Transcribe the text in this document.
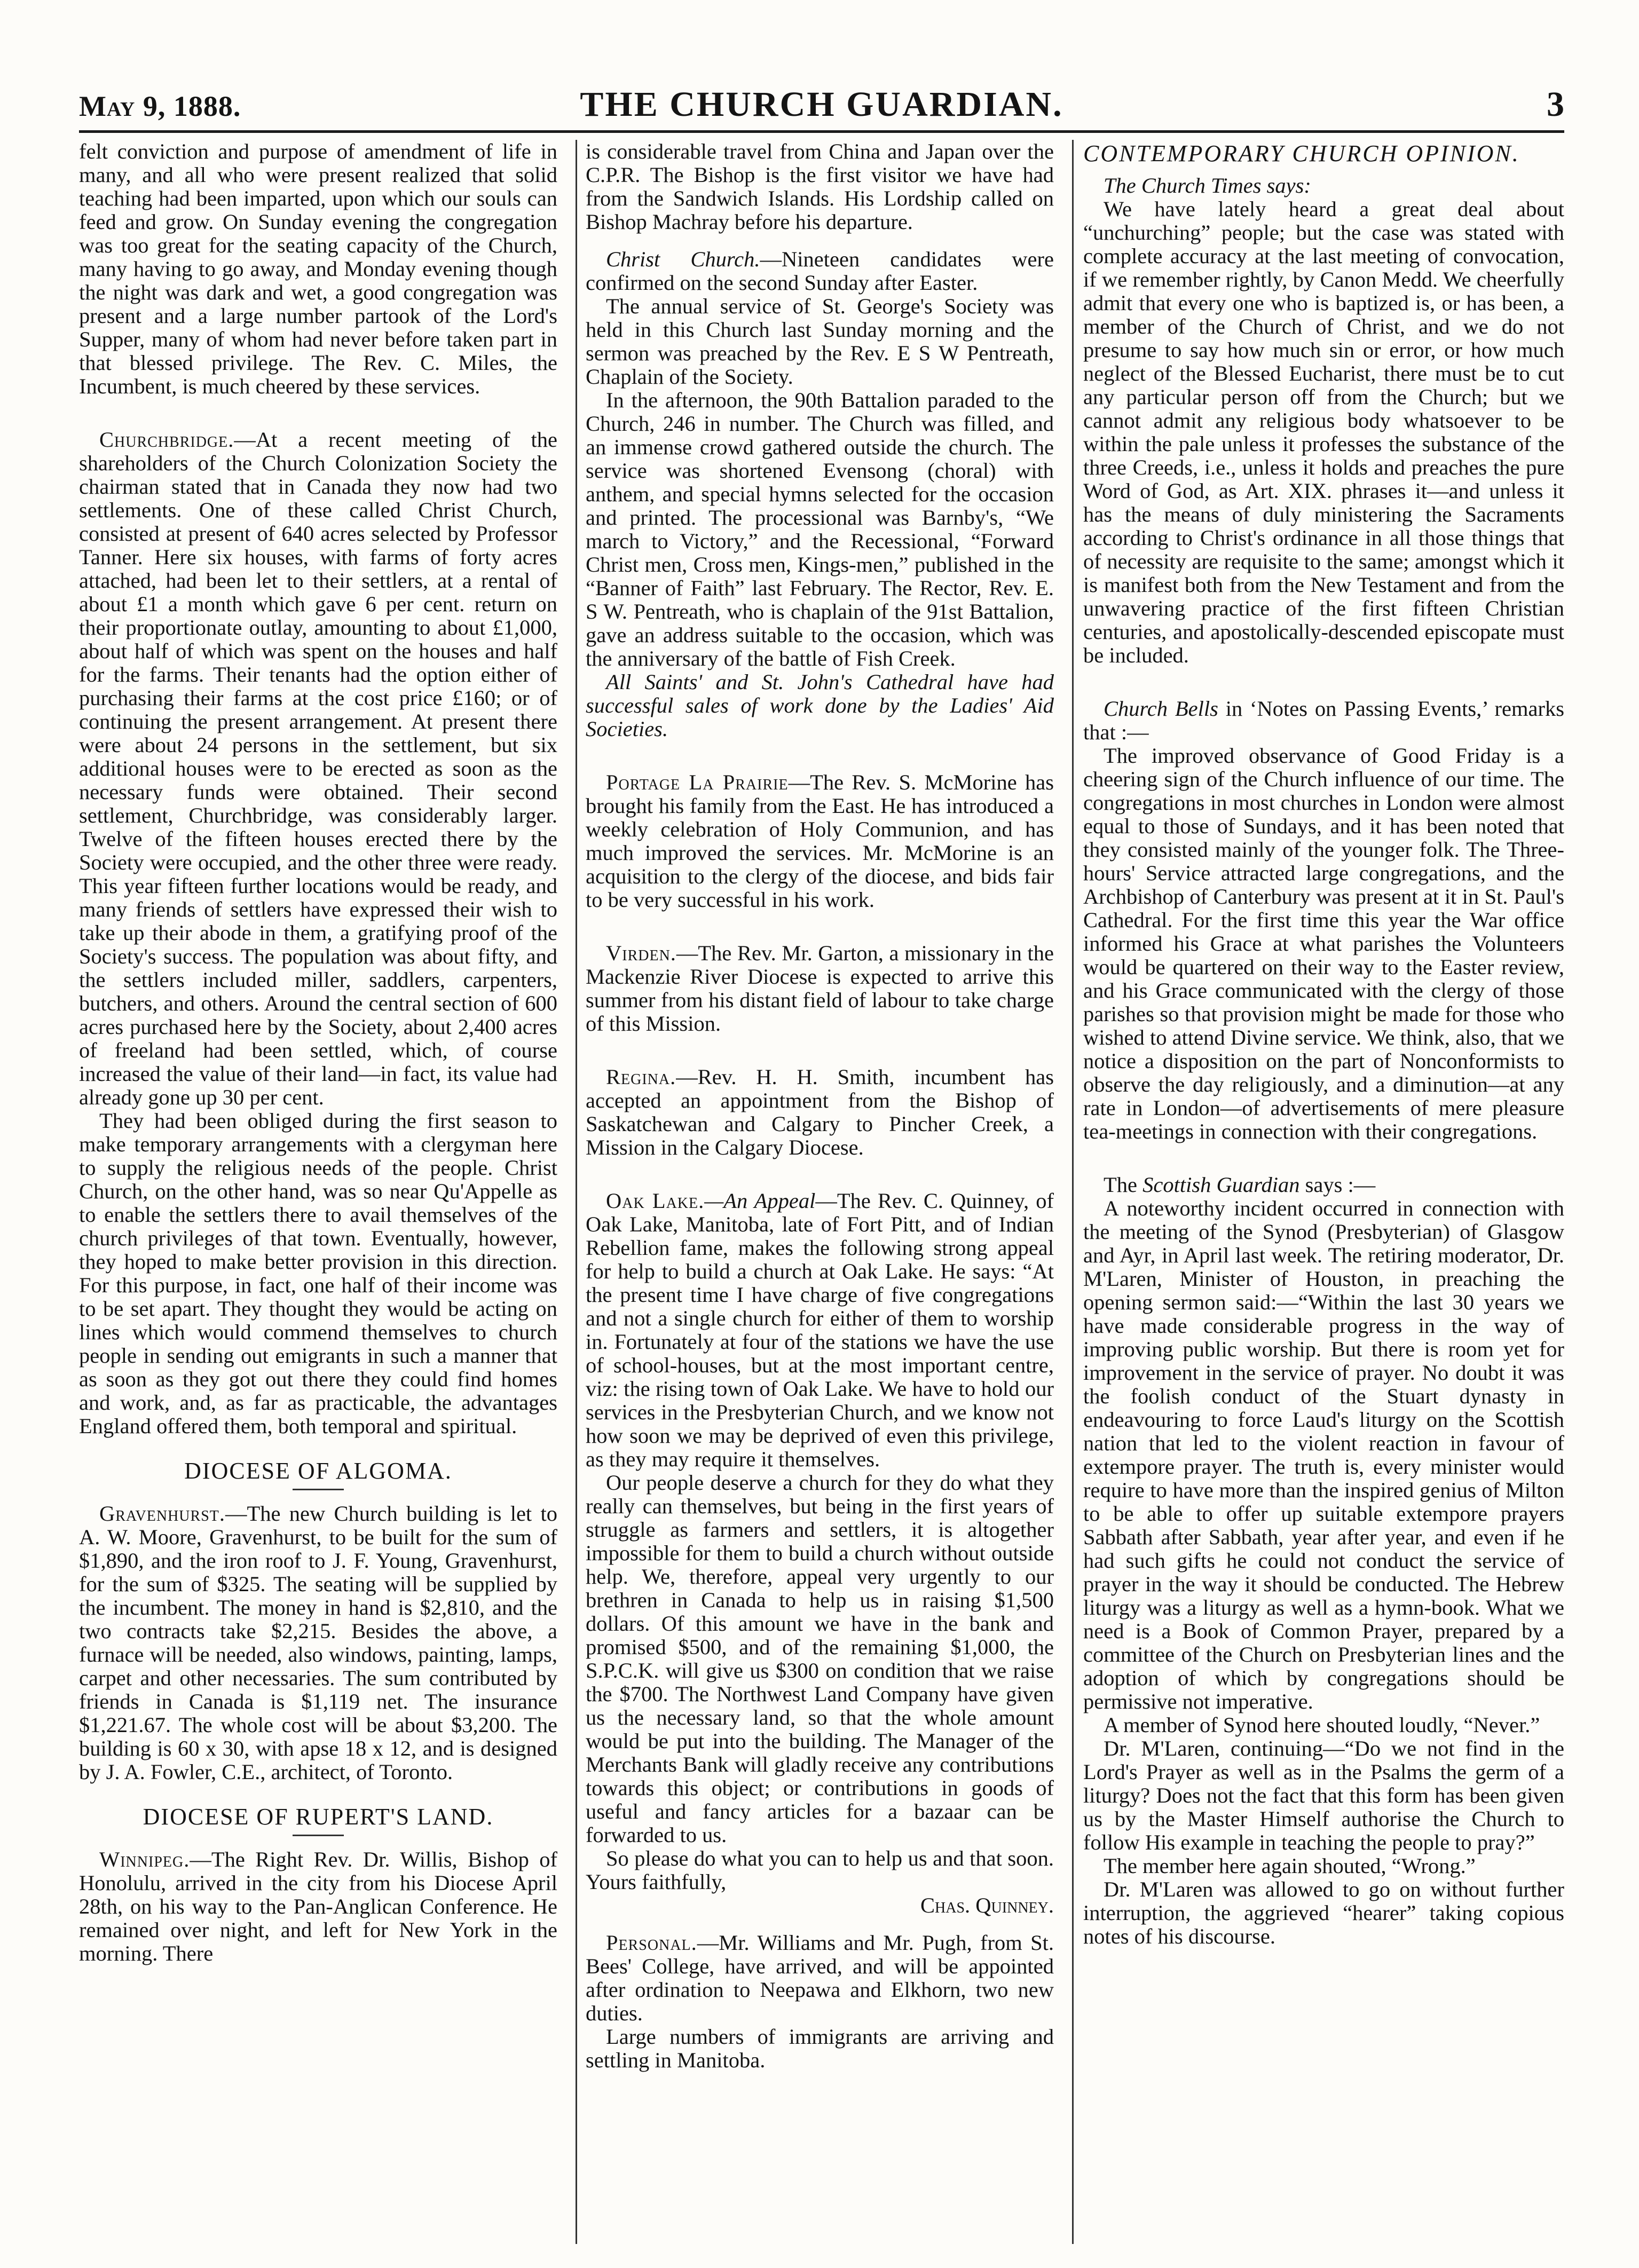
May 9, 1888.	THE CHURCH GUARDIAN.	3

felt conviction and purpose of amendment of life in many, and all who were present realized that solid teaching had been imparted, upon which our souls can feed and grow. On Sunday evening the congregation was too great for the seating capacity of the Church, many having to go away, and Monday evening though the night was dark and wet, a good congregation was present and a large number partook of the Lord's Supper, many of whom had never before taken part in that blessed privilege. The Rev. C. Miles, the Incumbent, is much cheered by these services.

Churchbridge.—At a recent meeting of the shareholders of the Church Colonization Society the chairman stated that in Canada they now had two settlements. One of these called Christ Church, consisted at present of 640 acres selected by Professor Tanner. Here six houses, with farms of forty acres attached, had been let to their settlers, at a rental of about £1 a month which gave 6 per cent. return on their proportionate outlay, amounting to about £1,000, about half of which was spent on the houses and half for the farms. Their tenants had the option either of purchasing their farms at the cost price £160; or of continuing the present arrangement. At present there were about 24 persons in the settlement, but six additional houses were to be erected as soon as the necessary funds were obtained. Their second settlement, Churchbridge, was considerably larger. Twelve of the fifteen houses erected there by the Society were occupied, and the other three were ready. This year fifteen further locations would be ready, and many friends of settlers have expressed their wish to take up their abode in them, a gratifying proof of the Society's success. The population was about fifty, and the settlers included miller, saddlers, carpenters, butchers, and others. Around the central section of 600 acres purchased here by the Society, about 2,400 acres of freeland had been settled, which, of course increased the value of their land—in fact, its value had already gone up 30 per cent.

They had been obliged during the first season to make temporary arrangements with a clergyman here to supply the religious needs of the people. Christ Church, on the other hand, was so near Qu'Appelle as to enable the settlers there to avail themselves of the church privileges of that town. Eventually, however, they hoped to make better provision in this direction. For this purpose, in fact, one half of their income was to be set apart. They thought they would be acting on lines which would commend themselves to church people in sending out emigrants in such a manner that as soon as they got out there they could find homes and work, and, as far as practicable, the advantages England offered them, both temporal and spiritual.

DIOCESE OF ALGOMA.

Gravenhurst.—The new Church building is let to A. W. Moore, Gravenhurst, to be built for the sum of $1,890, and the iron roof to J. F. Young, Gravenhurst, for the sum of $325. The seating will be supplied by the incumbent. The money in hand is $2,810, and the two contracts take $2,215. Besides the above, a furnace will be needed, also windows, painting, lamps, carpet and other necessaries. The sum contributed by friends in Canada is $1,119 net. The insurance $1,221.67. The whole cost will be about $3,200. The building is 60 x 30, with apse 18 x 12, and is designed by J. A. Fowler, C.E., architect, of Toronto.

DIOCESE OF RUPERT'S LAND.

Winnipeg.—The Right Rev. Dr. Willis, Bishop of Honolulu, arrived in the city from his Diocese April 28th, on his way to the Pan-Anglican Conference. He remained over night, and left for New York in the morning. There

is considerable travel from China and Japan over the C.P.R. The Bishop is the first visitor we have had from the Sandwich Islands. His Lordship called on Bishop Machray before his departure.

Christ Church.—Nineteen candidates were confirmed on the second Sunday after Easter.

The annual service of St. George's Society was held in this Church last Sunday morning and the sermon was preached by the Rev. E S W Pentreath, Chaplain of the Society.

In the afternoon, the 90th Battalion paraded to the Church, 246 in number. The Church was filled, and an immense crowd gathered outside the church. The service was shortened Evensong (choral) with anthem, and special hymns selected for the occasion and printed. The processional was Barnby's, “We march to Victory,” and the Recessional, “Forward Christ men, Cross men, Kings-men,” published in the “Banner of Faith” last February. The Rector, Rev. E. S W. Pentreath, who is chaplain of the 91st Battalion, gave an address suitable to the occasion, which was the anniversary of the battle of Fish Creek.

All Saints' and St. John's Cathedral have had successful sales of work done by the Ladies' Aid Societies.

Portage La Prairie—The Rev. S. McMorine has brought his family from the East. He has introduced a weekly celebration of Holy Communion, and has much improved the services. Mr. McMorine is an acquisition to the clergy of the diocese, and bids fair to be very successful in his work.

Virden.—The Rev. Mr. Garton, a missionary in the Mackenzie River Diocese is expected to arrive this summer from his distant field of labour to take charge of this Mission.

Regina.—Rev. H. H. Smith, incumbent has accepted an appointment from the Bishop of Saskatchewan and Calgary to Pincher Creek, a Mission in the Calgary Diocese.

Oak Lake.—An Appeal—The Rev. C. Quinney, of Oak Lake, Manitoba, late of Fort Pitt, and of Indian Rebellion fame, makes the following strong appeal for help to build a church at Oak Lake. He says: “At the present time I have charge of five congregations and not a single church for either of them to worship in. Fortunately at four of the stations we have the use of school-houses, but at the most important centre, viz: the rising town of Oak Lake. We have to hold our services in the Presbyterian Church, and we know not how soon we may be deprived of even this privilege, as they may require it themselves.

Our people deserve a church for they do what they really can themselves, but being in the first years of struggle as farmers and settlers, it is altogether impossible for them to build a church without outside help. We, therefore, appeal very urgently to our brethren in Canada to help us in raising $1,500 dollars. Of this amount we have in the bank and promised $500, and of the remaining $1,000, the S.P.C.K. will give us $300 on condition that we raise the $700. The Northwest Land Company have given us the necessary land, so that the whole amount would be put into the building. The Manager of the Merchants Bank will gladly receive any contributions towards this object; or contributions in goods of useful and fancy articles for a bazaar can be forwarded to us.

So please do what you can to help us and that soon. Yours faithfully,
Chas. Quinney.

Personal.—Mr. Williams and Mr. Pugh, from St. Bees' College, have arrived, and will be appointed after ordination to Neepawa and Elkhorn, two new duties.

Large numbers of immigrants are arriving and settling in Manitoba.

CONTEMPORARY CHURCH OPINION.

The Church Times says:

We have lately heard a great deal about “unchurching” people; but the case was stated with complete accuracy at the last meeting of convocation, if we remember rightly, by Canon Medd. We cheerfully admit that every one who is baptized is, or has been, a member of the Church of Christ, and we do not presume to say how much sin or error, or how much neglect of the Blessed Eucharist, there must be to cut any particular person off from the Church; but we cannot admit any religious body whatsoever to be within the pale unless it professes the substance of the three Creeds, i.e., unless it holds and preaches the pure Word of God, as Art. XIX. phrases it—and unless it has the means of duly ministering the Sacraments according to Christ's ordinance in all those things that of necessity are requisite to the same; amongst which it is manifest both from the New Testament and from the unwavering practice of the first fifteen Christian centuries, and apostolically-descended episcopate must be included.

Church Bells in ‘Notes on Passing Events,’ remarks that :—

The improved observance of Good Friday is a cheering sign of the Church influence of our time. The congregations in most churches in London were almost equal to those of Sundays, and it has been noted that they consisted mainly of the younger folk. The Three-hours' Service attracted large congregations, and the Archbishop of Canterbury was present at it in St. Paul's Cathedral. For the first time this year the War office informed his Grace at what parishes the Volunteers would be quartered on their way to the Easter review, and his Grace communicated with the clergy of those parishes so that provision might be made for those who wished to attend Divine service. We think, also, that we notice a disposition on the part of Nonconformists to observe the day religiously, and a diminution—at any rate in London—of advertisements of mere pleasure tea-meetings in connection with their congregations.

The Scottish Guardian says :—

A noteworthy incident occurred in connection with the meeting of the Synod (Presbyterian) of Glasgow and Ayr, in April last week. The retiring moderator, Dr. M'Laren, Minister of Houston, in preaching the opening sermon said:—“Within the last 30 years we have made considerable progress in the way of improving public worship. But there is room yet for improvement in the service of prayer. No doubt it was the foolish conduct of the Stuart dynasty in endeavouring to force Laud's liturgy on the Scottish nation that led to the violent reaction in favour of extempore prayer. The truth is, every minister would require to have more than the inspired genius of Milton to be able to offer up suitable extempore prayers Sabbath after Sabbath, year after year, and even if he had such gifts he could not conduct the service of prayer in the way it should be conducted. The Hebrew liturgy was a liturgy as well as a hymn-book. What we need is a Book of Common Prayer, prepared by a committee of the Church on Presbyterian lines and the adoption of which by congregations should be permissive not imperative.

A member of Synod here shouted loudly, “Never.”

Dr. M'Laren, continuing—“Do we not find in the Lord's Prayer as well as in the Psalms the germ of a liturgy? Does not the fact that this form has been given us by the Master Himself authorise the Church to follow His example in teaching the people to pray?”

The member here again shouted, “Wrong.”

Dr. M'Laren was allowed to go on without further interruption, the aggrieved “hearer” taking copious notes of his discourse.
